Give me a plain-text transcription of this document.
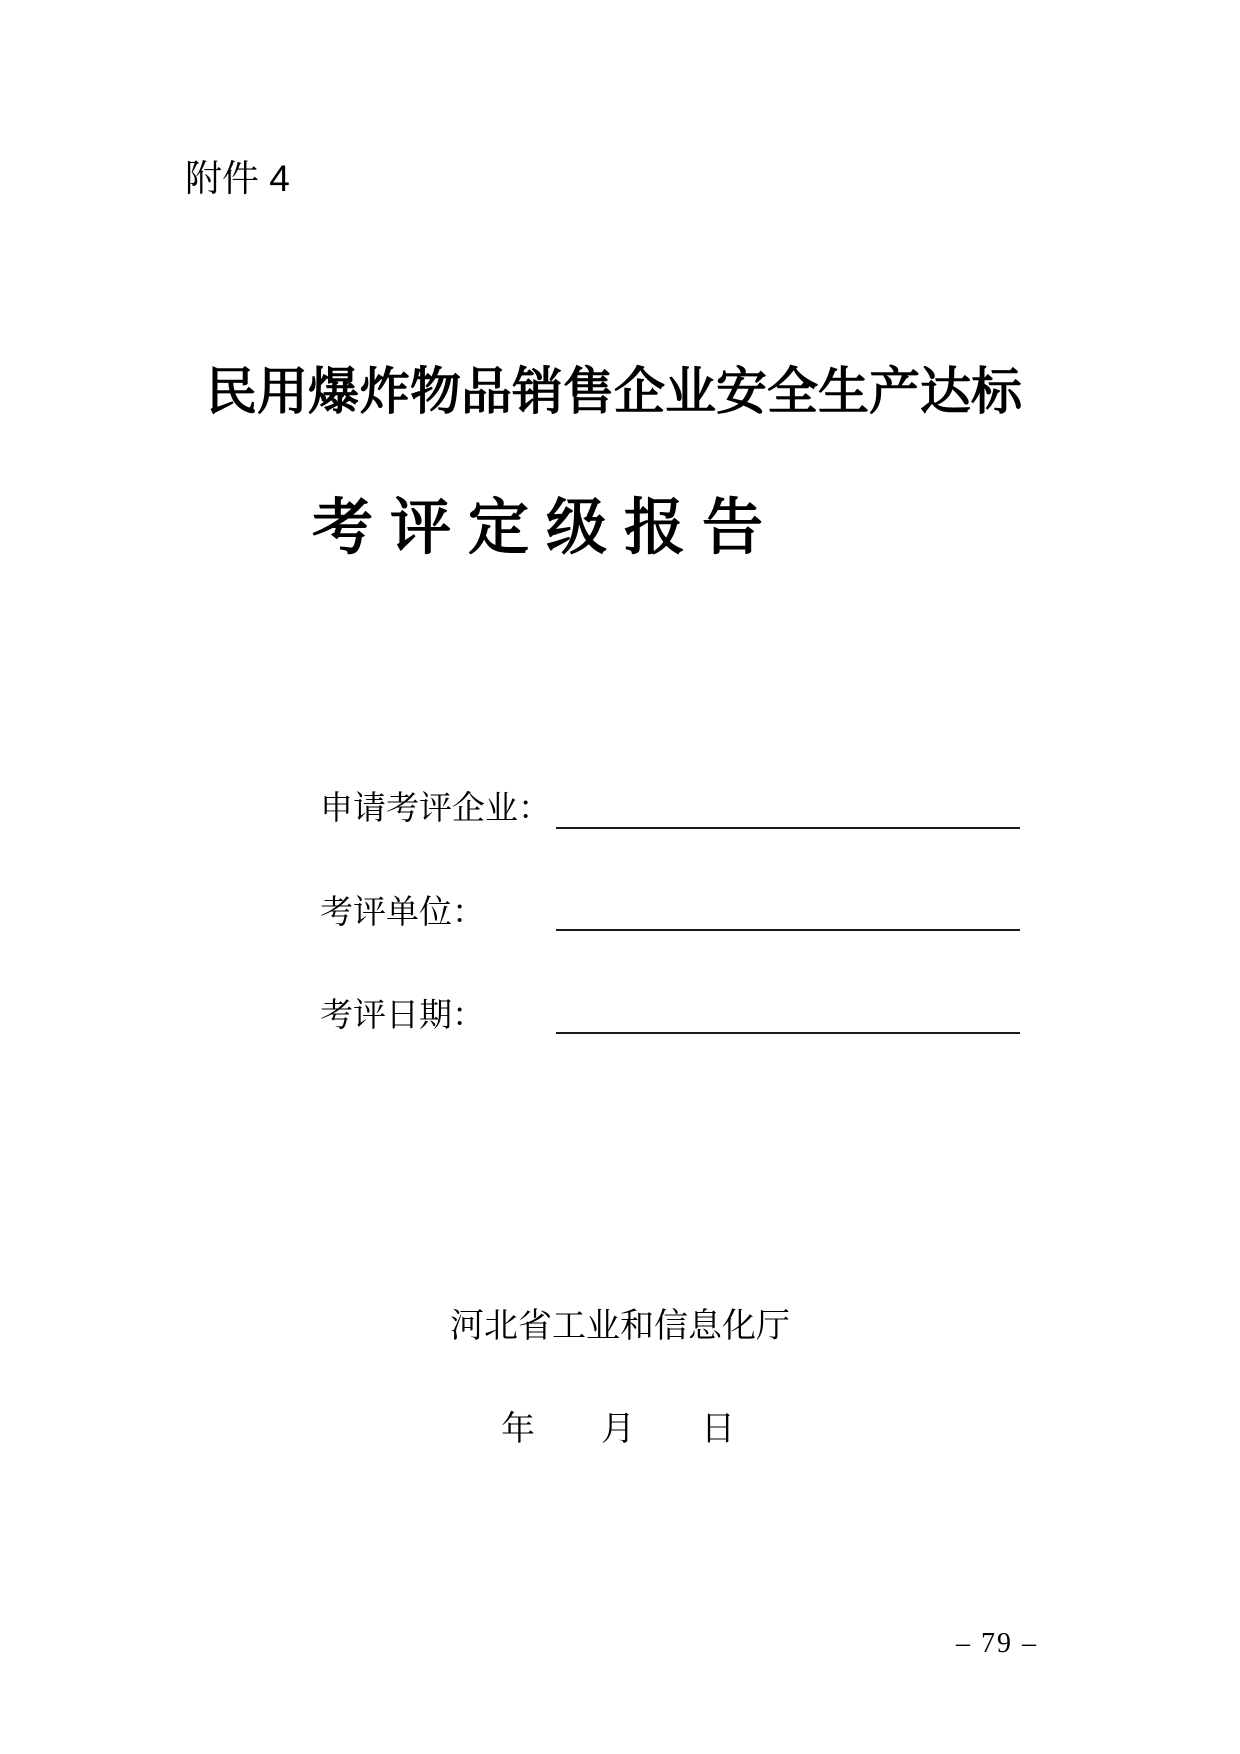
附件 4
民用爆炸物品销售企业安全生产达标
考评定级报告
申请考评企业：
考评单位：
考评日期：
河北省工业和信息化厅
年 月 日
– 79 –
